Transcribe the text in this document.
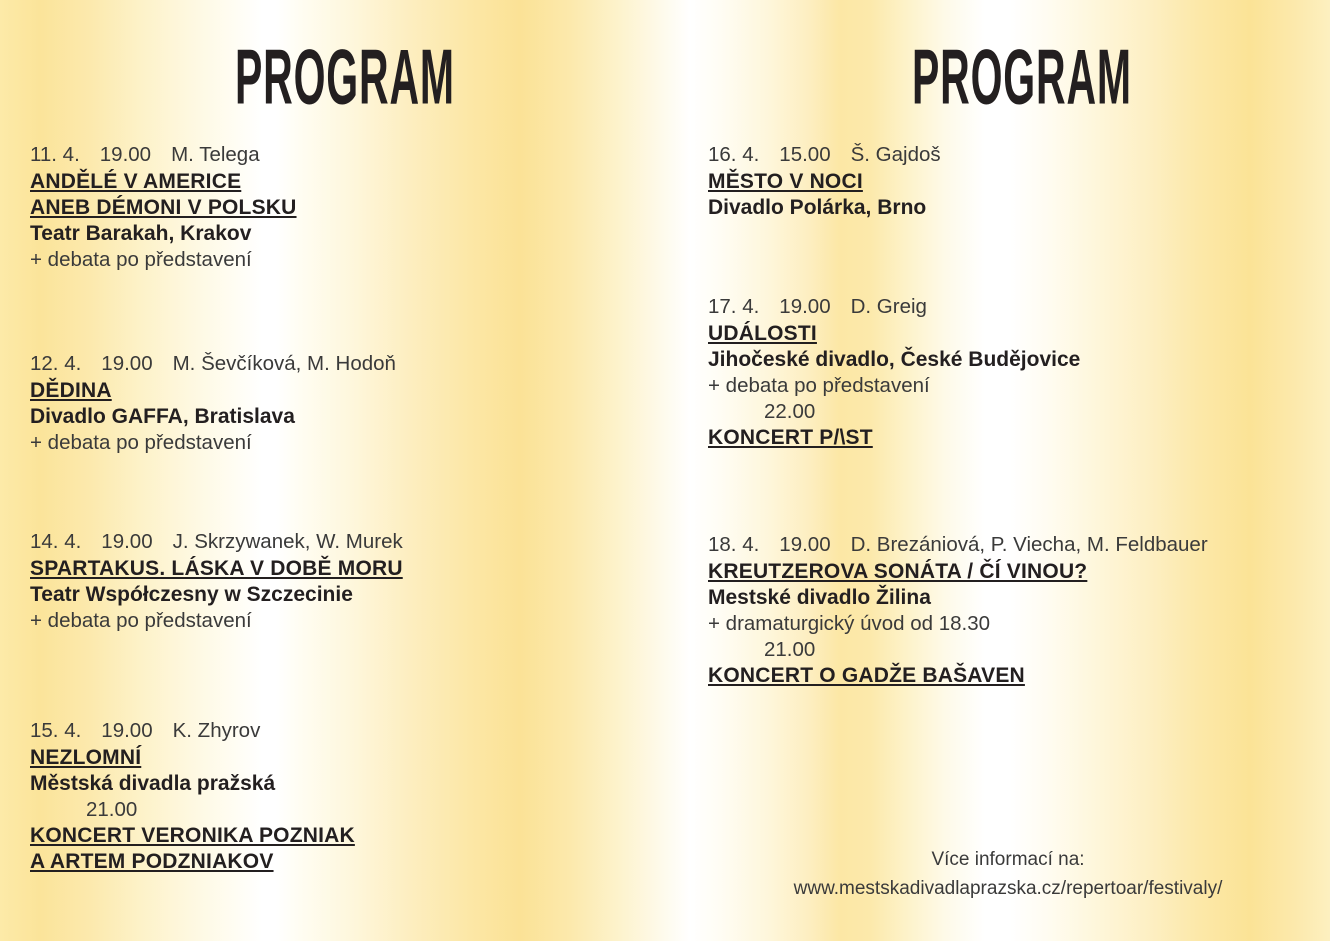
PROGRAM
11. 4. 19.00 M. Telega
ANDĚLÉ V AMERICE
ANEB DÉMONI V POLSKU
Teatr Barakah, Krakov
+ debata po představení
12. 4. 19.00 M. Ševčíková, M. Hodoň
DĚDINA
Divadlo GAFFA, Bratislava
+ debata po představení
14. 4. 19.00 J. Skrzywanek, W. Murek
SPARTAKUS. LÁSKA V DOBĚ MORU
Teatr Współczesny w Szczecinie
+ debata po představení
15. 4. 19.00 K. Zhyrov
NEZLOMNÍ
Městská divadla pražská
21.00
KONCERT VERONIKA POZNIAK
A ARTEM PODZNIAKOV
PROGRAM
16. 4. 15.00 Š. Gajdoš
MĚSTO V NOCI
Divadlo Polárka, Brno
17. 4. 19.00 D. Greig
UDÁLOSTI
Jihočeské divadlo, České Budějovice
+ debata po představení
22.00
KONCERT P/\ST
18. 4. 19.00 D. Brezániová, P. Viecha, M. Feldbauer
KREUTZEROVA SONÁTA / ČÍ VINOU?
Mestské divadlo Žilina
+ dramaturgický úvod od 18.30
21.00
KONCERT O GADŽE BAŠAVEN
Více informací na:
www.mestskadivadlaprazska.cz/repertoar/festivaly/
